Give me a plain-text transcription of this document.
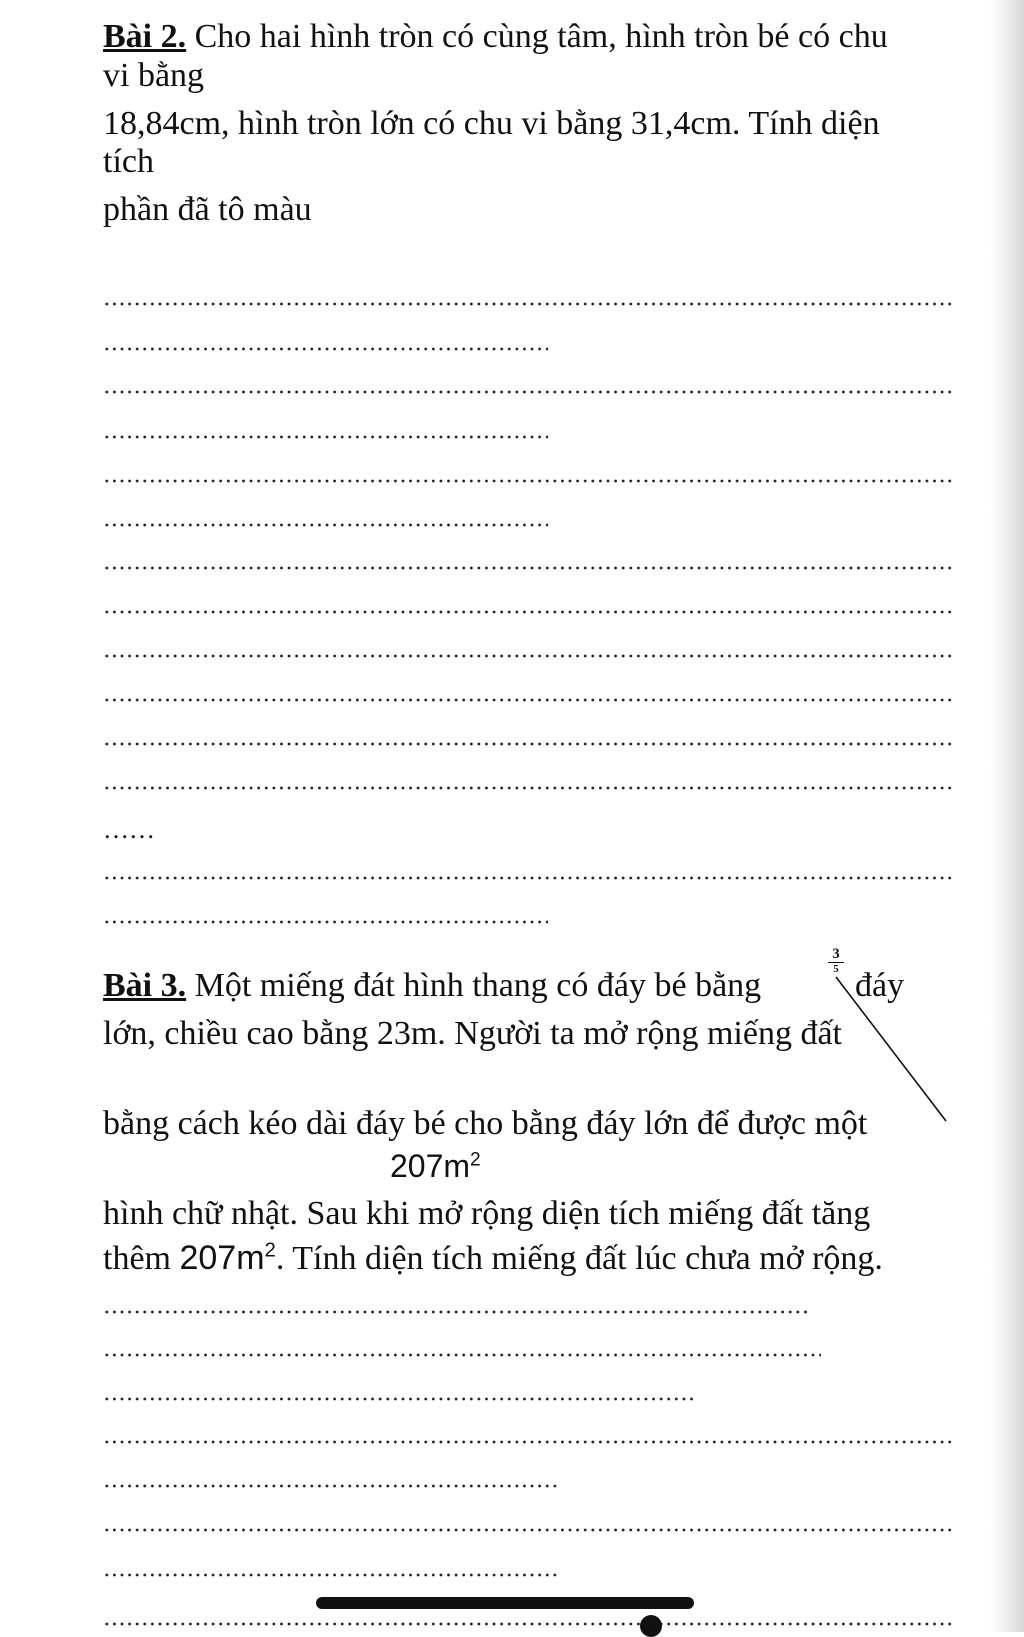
Bài 2. Cho hai hình tròn có cùng tâm, hình tròn bé có chu
vi bằng
18,84cm, hình tròn lớn có chu vi bằng 31,4cm. Tính diện
tích
phần đã tô màu
……
Bài 3. Một miếng đát hình thang có đáy bé bằng
3
5 đáy
lớn, chiều cao bằng 23m. Người ta mở rộng miếng đất
bằng cách kéo dài đáy bé cho bằng đáy lớn để được một
$207m^2$
hình chữ nhật. Sau khi mở rộng diện tích miếng đất tăng
thêm $207m^2$. Tính diện tích miếng đất lúc chưa mở rộng.
